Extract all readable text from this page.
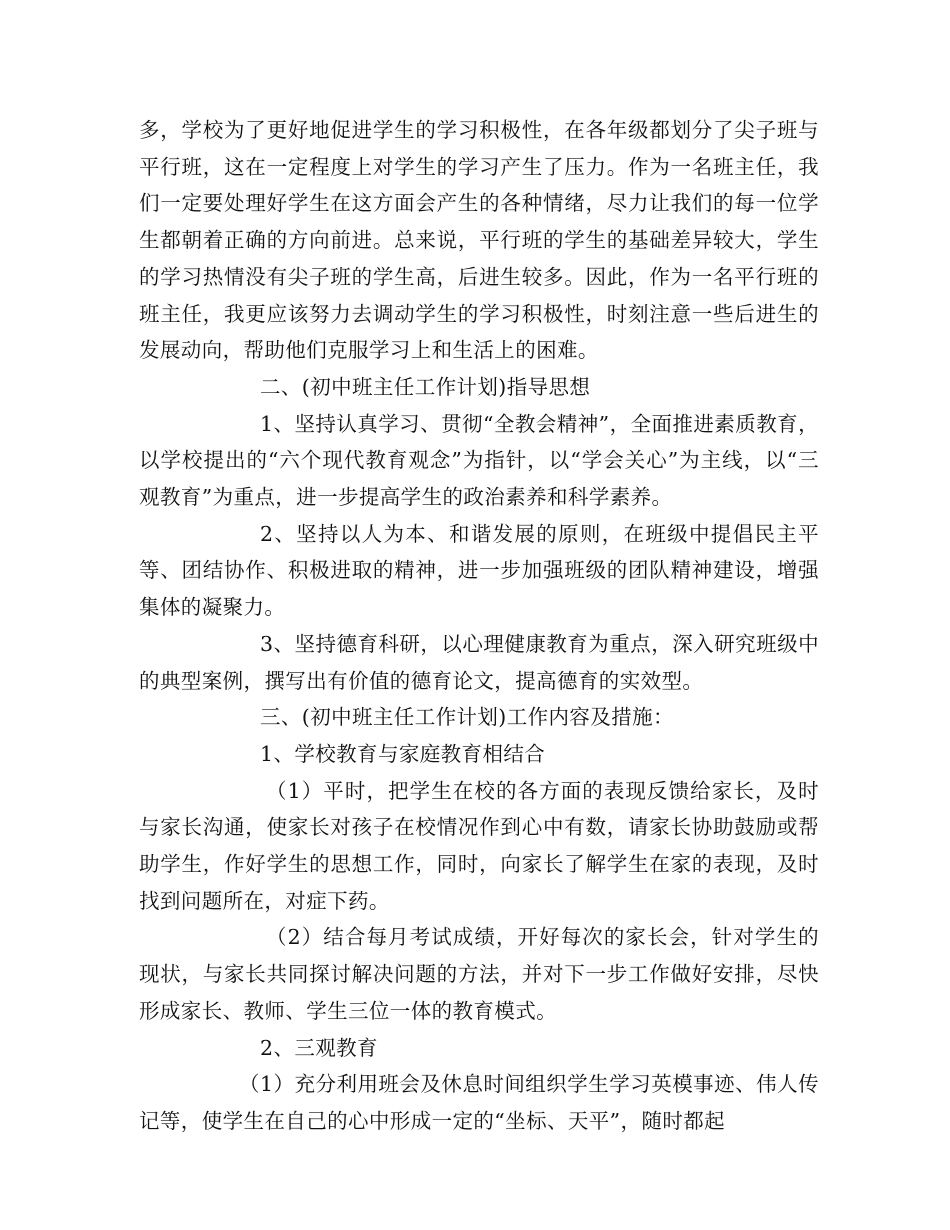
多，学校为了更好地促进学生的学习积极性，在各年级都划分了尖子班与平行班，这在一定程度上对学生的学习产生了压力。作为一名班主任，我们一定要处理好学生在这方面会产生的各种情绪，尽力让我们的每一位学生都朝着正确的方向前进。总来说，平行班的学生的基础差异较大，学生的学习热情没有尖子班的学生高，后进生较多。因此，作为一名平行班的班主任，我更应该努力去调动学生的学习积极性，时刻注意一些后进生的发展动向，帮助他们克服学习上和生活上的困难。

二、(初中班主任工作计划)指导思想

1、坚持认真学习、贯彻“全教会精神”，全面推进素质教育，以学校提出的“六个现代教育观念”为指针，以“学会关心”为主线，以“三观教育”为重点，进一步提高学生的政治素养和科学素养。

2、坚持以人为本、和谐发展的原则，在班级中提倡民主平等、团结协作、积极进取的精神，进一步加强班级的团队精神建设，增强集体的凝聚力。

3、坚持德育科研，以心理健康教育为重点，深入研究班级中的典型案例，撰写出有价值的德育论文，提高德育的实效型。

三、(初中班主任工作计划)工作内容及措施：

1、学校教育与家庭教育相结合

（1）平时，把学生在校的各方面的表现反馈给家长，及时与家长沟通，使家长对孩子在校情况作到心中有数，请家长协助鼓励或帮助学生，作好学生的思想工作，同时，向家长了解学生在家的表现，及时找到问题所在，对症下药。

（2）结合每月考试成绩，开好每次的家长会，针对学生的现状，与家长共同探讨解决问题的方法，并对下一步工作做好安排，尽快形成家长、教师、学生三位一体的教育模式。

2、三观教育

（1）充分利用班会及休息时间组织学生学习英模事迹、伟人传记等，使学生在自己的心中形成一定的“坐标、天平”，随时都起
